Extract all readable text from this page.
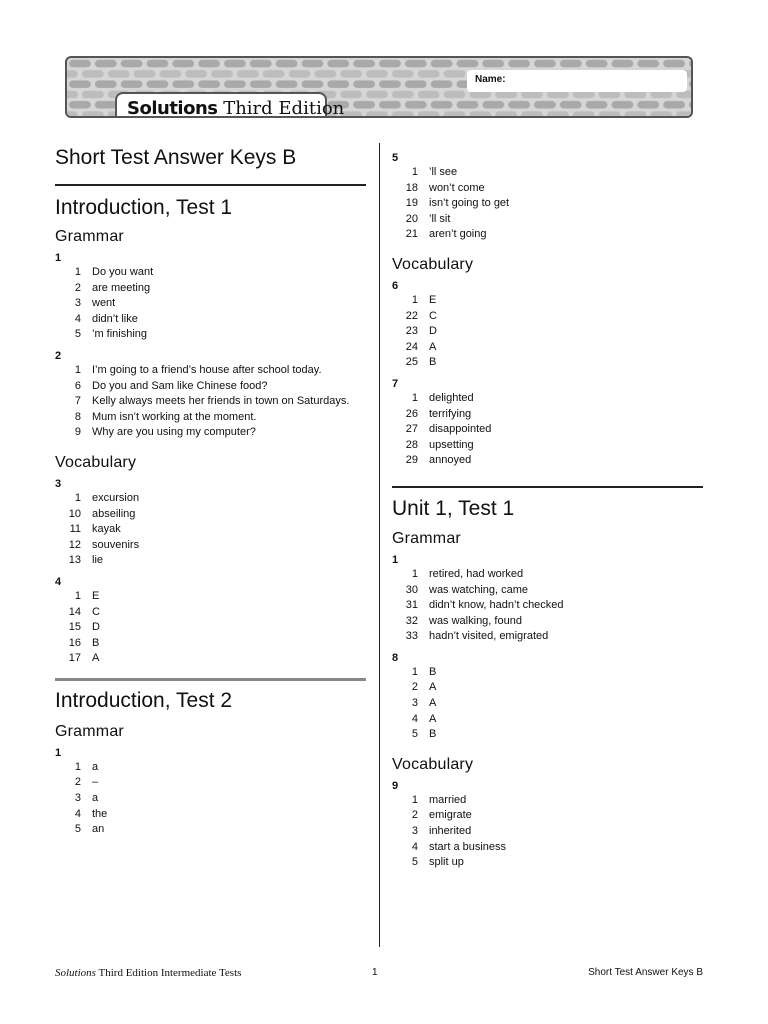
Solutions Third Edition
Name:
Short Test Answer Keys B
Introduction, Test 1
Grammar
1
1	Do you want
2	are meeting
3	went
4	didn’t like
5	’m finishing
2
1	I’m going to a friend’s house after school today.
6	Do you and Sam like Chinese food?
7	Kelly always meets her friends in town on Saturdays.
8	Mum isn’t working at the moment.
9	Why are you using my computer?
Vocabulary
3
1	excursion
10	abseiling
11	kayak
12	souvenirs
13	lie
4
1	E
14	C
15	D
16	B
17	A
Introduction, Test 2
Grammar
1
1	a
2	–
3	a
4	the
5	an
5
1	’ll see
18	won’t come
19	isn’t going to get
20	’ll sit
21	aren’t going
Vocabulary
6
1	E
22	C
23	D
24	A
25	B
7
1	delighted
26	terrifying
27	disappointed
28	upsetting
29	annoyed
Unit 1, Test 1
Grammar
1
1	retired, had worked
30	was watching, came
31	didn’t know, hadn’t checked
32	was walking, found
33	hadn’t visited, emigrated
8
1	B
2	A
3	A
4	A
5	B
Vocabulary
9
1	married
2	emigrate
3	inherited
4	start a business
5	split up
Solutions Third Edition Intermediate Tests	1	Short Test Answer Keys B
